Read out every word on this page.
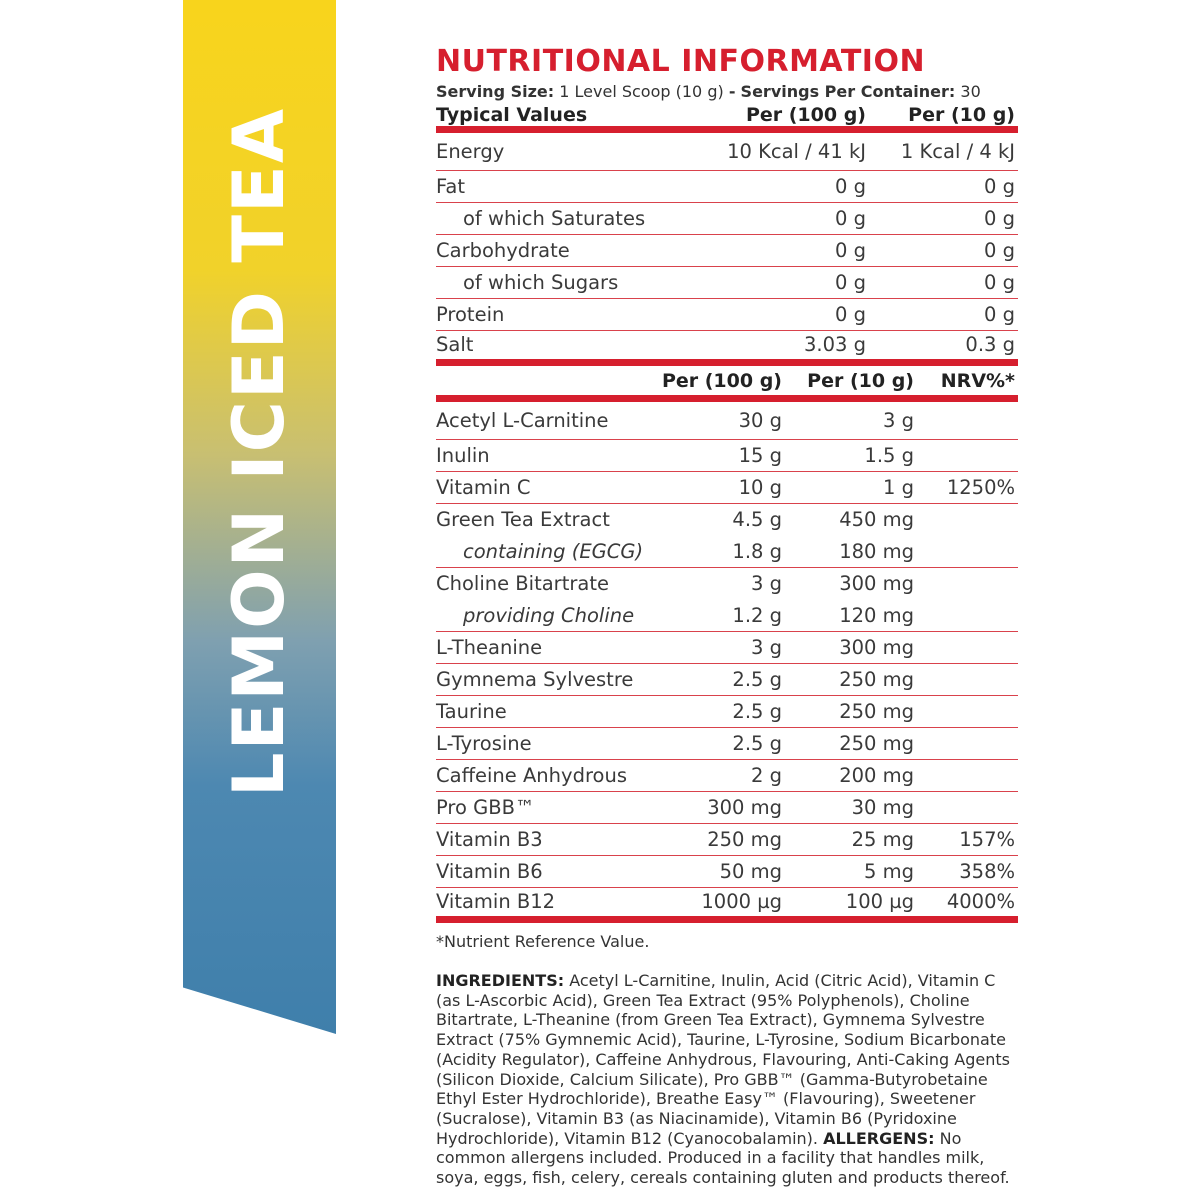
LEMON ICED TEA
NUTRITIONAL INFORMATION
Serving Size: 1 Level Scoop (10 g) - Servings Per Container: 30
Typical Values	Per (100 g) Per (10 g)
Energy	10 Kcal / 41 kJ 1 Kcal / 4 kJ
Fat	0 g	0 g
of which Saturates	0 g	0 g
Carbohydrate	0 g	0 g
of which Sugars	0 g	0 g
Protein	0 g	0 g
Salt	3.03 g	0.3 g
Per (100 g) Per (10 g) NRV%*
Acetyl L-Carnitine	30 g	3 g
Inulin	15 g	1.5 g
Vitamin C	10 g	1 g 1250%
Green Tea Extract	4.5 g	450 mg
containing (EGCG)	1.8 g	180 mg
Choline Bitartrate	3 g	300 mg
providing Choline	1.2 g	120 mg
L-Theanine	3 g	300 mg
Gymnema Sylvestre	2.5 g	250 mg
Taurine	2.5 g	250 mg
L-Tyrosine	2.5 g	250 mg
Caffeine Anhydrous	2 g	200 mg
Pro GBB™	300 mg	30 mg
Vitamin B3	250 mg	25 mg 157%
Vitamin B6	50 mg	5 mg 358%
Vitamin B12	1000 µg	100 µg 4000%
*Nutrient Reference Value.
INGREDIENTS: Acetyl L-Carnitine, Inulin, Acid (Citric Acid), Vitamin C (as L-Ascorbic Acid), Green Tea Extract (95% Polyphenols), Choline Bitartrate, L-Theanine (from Green Tea Extract), Gymnema Sylvestre Extract (75% Gymnemic Acid), Taurine, L-Tyrosine, Sodium Bicarbonate (Acidity Regulator), Caffeine Anhydrous, Flavouring, Anti-Caking Agents (Silicon Dioxide, Calcium Silicate), Pro GBB™ (Gamma-Butyrobetaine Ethyl Ester Hydrochloride), Breathe Easy™ (Flavouring), Sweetener (Sucralose), Vitamin B3 (as Niacinamide), Vitamin B6 (Pyridoxine Hydrochloride), Vitamin B12 (Cyanocobalamin). ALLERGENS: No common allergens included. Produced in a facility that handles milk, soya, eggs, fish, celery, cereals containing gluten and products thereof.
